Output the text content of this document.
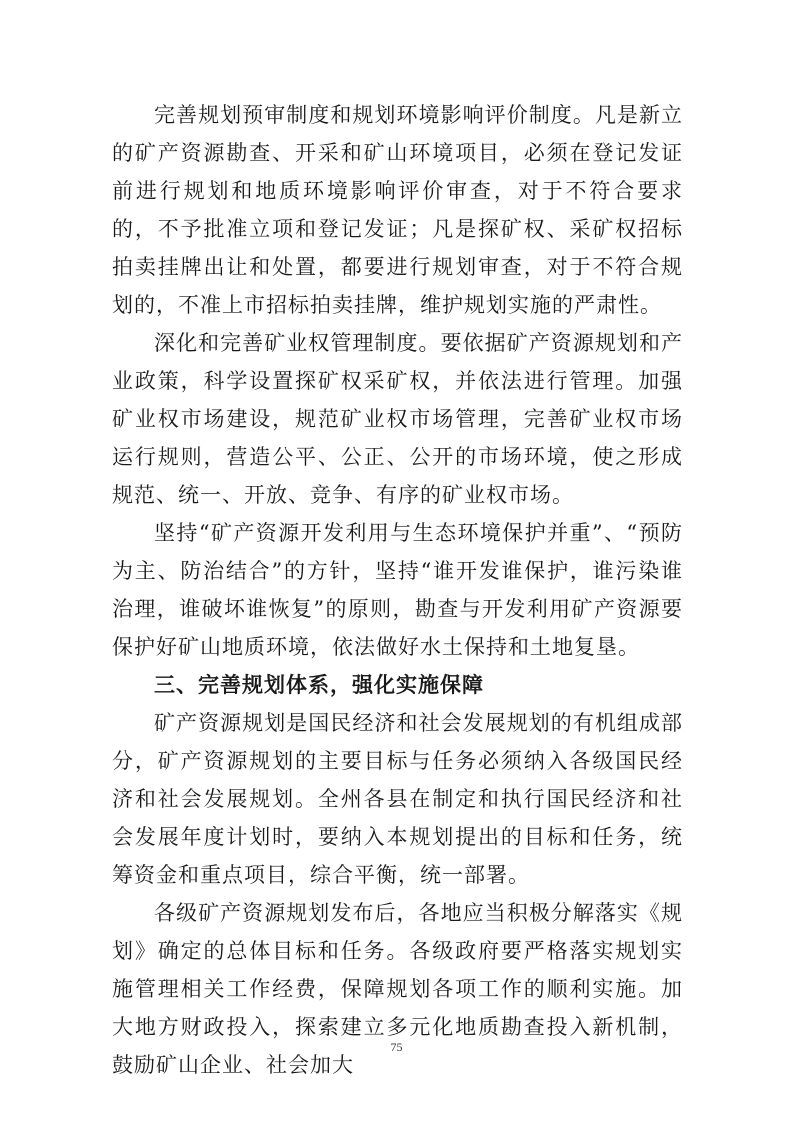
完善规划预审制度和规划环境影响评价制度。凡是新立的矿产资源勘查、开采和矿山环境项目，必须在登记发证前进行规划和地质环境影响评价审查，对于不符合要求的，不予批准立项和登记发证；凡是探矿权、采矿权招标拍卖挂牌出让和处置，都要进行规划审查，对于不符合规划的，不准上市招标拍卖挂牌，维护规划实施的严肃性。

深化和完善矿业权管理制度。要依据矿产资源规划和产业政策，科学设置探矿权采矿权，并依法进行管理。加强矿业权市场建设，规范矿业权市场管理，完善矿业权市场运行规则，营造公平、公正、公开的市场环境，使之形成规范、统一、开放、竞争、有序的矿业权市场。

坚持“矿产资源开发利用与生态环境保护并重”、“预防为主、防治结合”的方针，坚持“谁开发谁保护，谁污染谁治理，谁破坏谁恢复”的原则，勘查与开发利用矿产资源要保护好矿山地质环境，依法做好水土保持和土地复垦。

三、完善规划体系，强化实施保障

矿产资源规划是国民经济和社会发展规划的有机组成部分，矿产资源规划的主要目标与任务必须纳入各级国民经济和社会发展规划。全州各县在制定和执行国民经济和社会发展年度计划时，要纳入本规划提出的目标和任务，统筹资金和重点项目，综合平衡，统一部署。

各级矿产资源规划发布后，各地应当积极分解落实《规划》确定的总体目标和任务。各级政府要严格落实规划实施管理相关工作经费，保障规划各项工作的顺利实施。加大地方财政投入，探索建立多元化地质勘查投入新机制，鼓励矿山企业、社会加大

75
